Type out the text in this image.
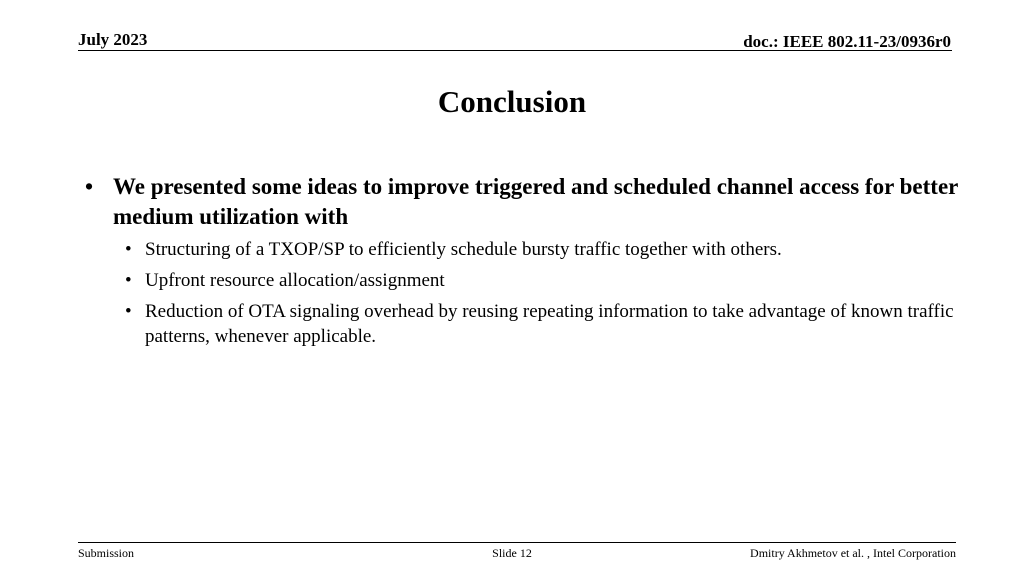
July 2023	doc.: IEEE 802.11-23/0936r0
Conclusion
• We presented some ideas to improve triggered and scheduled channel access for better medium utilization with
• Structuring of a TXOP/SP to efficiently schedule bursty traffic together with others.
• Upfront resource allocation/assignment
• Reduction of OTA signaling overhead by reusing repeating information to take advantage of known traffic patterns, whenever applicable.
Submission	Slide 12	Dmitry Akhmetov et al. , Intel Corporation
